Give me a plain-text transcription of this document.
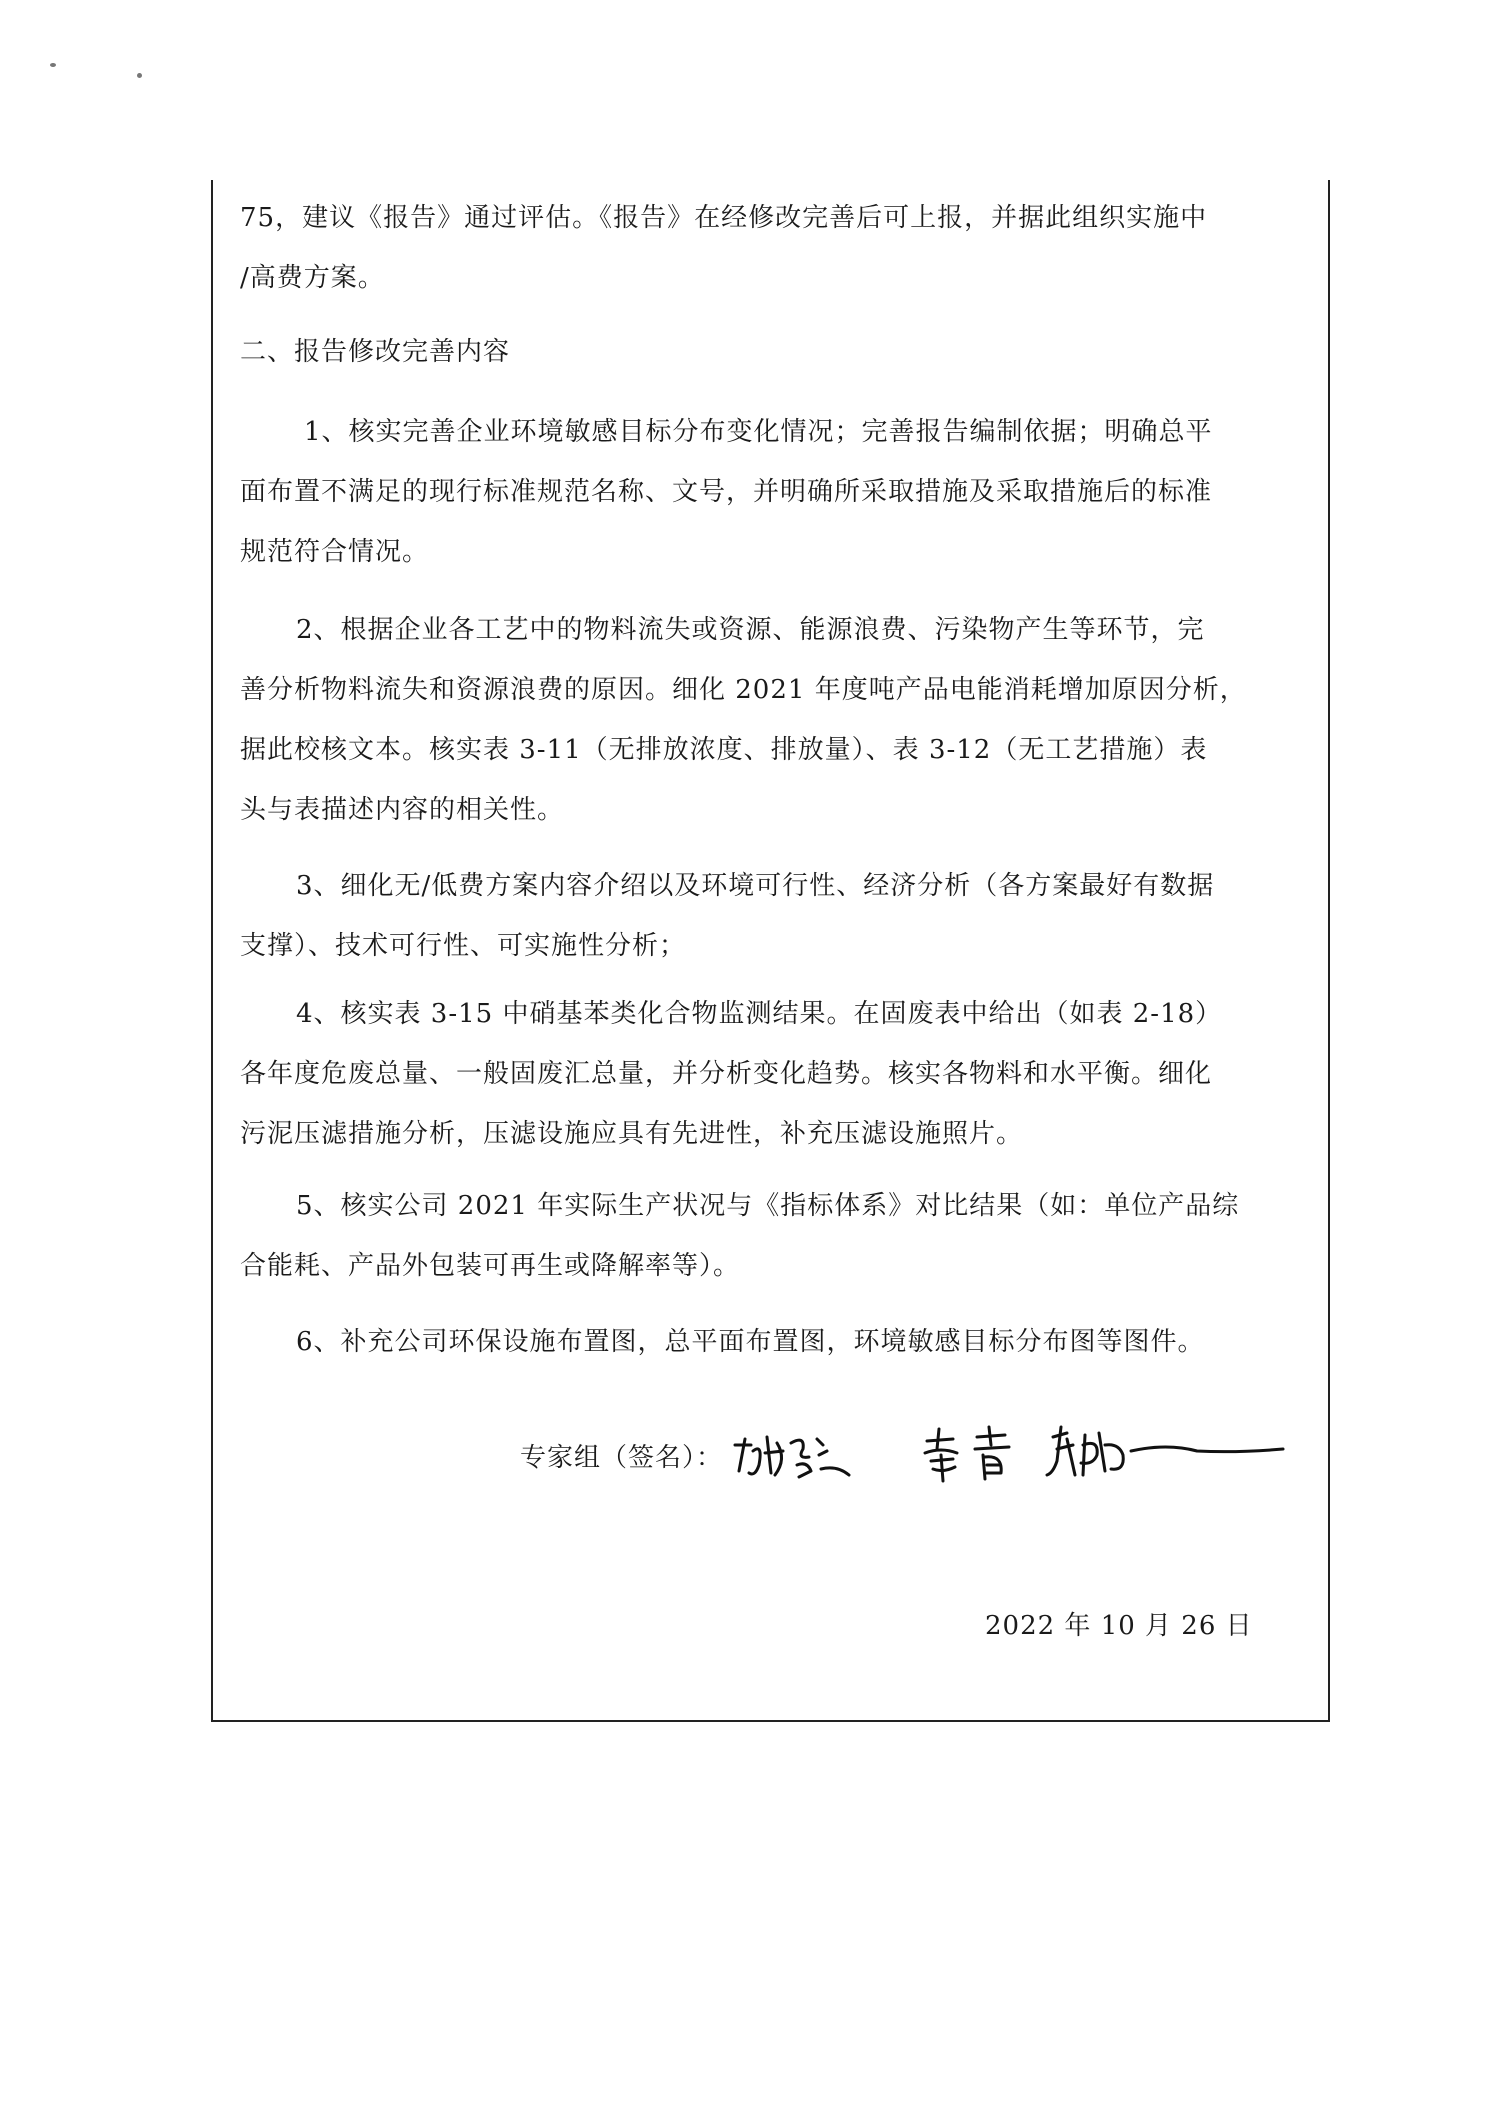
75，建议《报告》通过评估。《报告》在经修改完善后可上报，并据此组织实施中
/高费方案。
二、报告修改完善内容
1、核实完善企业环境敏感目标分布变化情况；完善报告编制依据；明确总平
面布置不满足的现行标准规范名称、文号，并明确所采取措施及采取措施后的标准
规范符合情况。
2、根据企业各工艺中的物料流失或资源、能源浪费、污染物产生等环节，完
善分析物料流失和资源浪费的原因。细化 2021 年度吨产品电能消耗增加原因分析，
据此校核文本。核实表 3-11（无排放浓度、排放量）、表 3-12（无工艺措施）表
头与表描述内容的相关性。
3、细化无/低费方案内容介绍以及环境可行性、经济分析（各方案最好有数据
支撑）、技术可行性、可实施性分析；
4、核实表 3-15 中硝基苯类化合物监测结果。在固废表中给出（如表 2-18）
各年度危废总量、一般固废汇总量，并分析变化趋势。核实各物料和水平衡。细化
污泥压滤措施分析，压滤设施应具有先进性，补充压滤设施照片。
5、核实公司 2021 年实际生产状况与《指标体系》对比结果（如：单位产品综
合能耗、产品外包装可再生或降解率等）。
6、补充公司环保设施布置图，总平面布置图，环境敏感目标分布图等图件。
专家组（签名）：
2022 年 10 月 26 日
